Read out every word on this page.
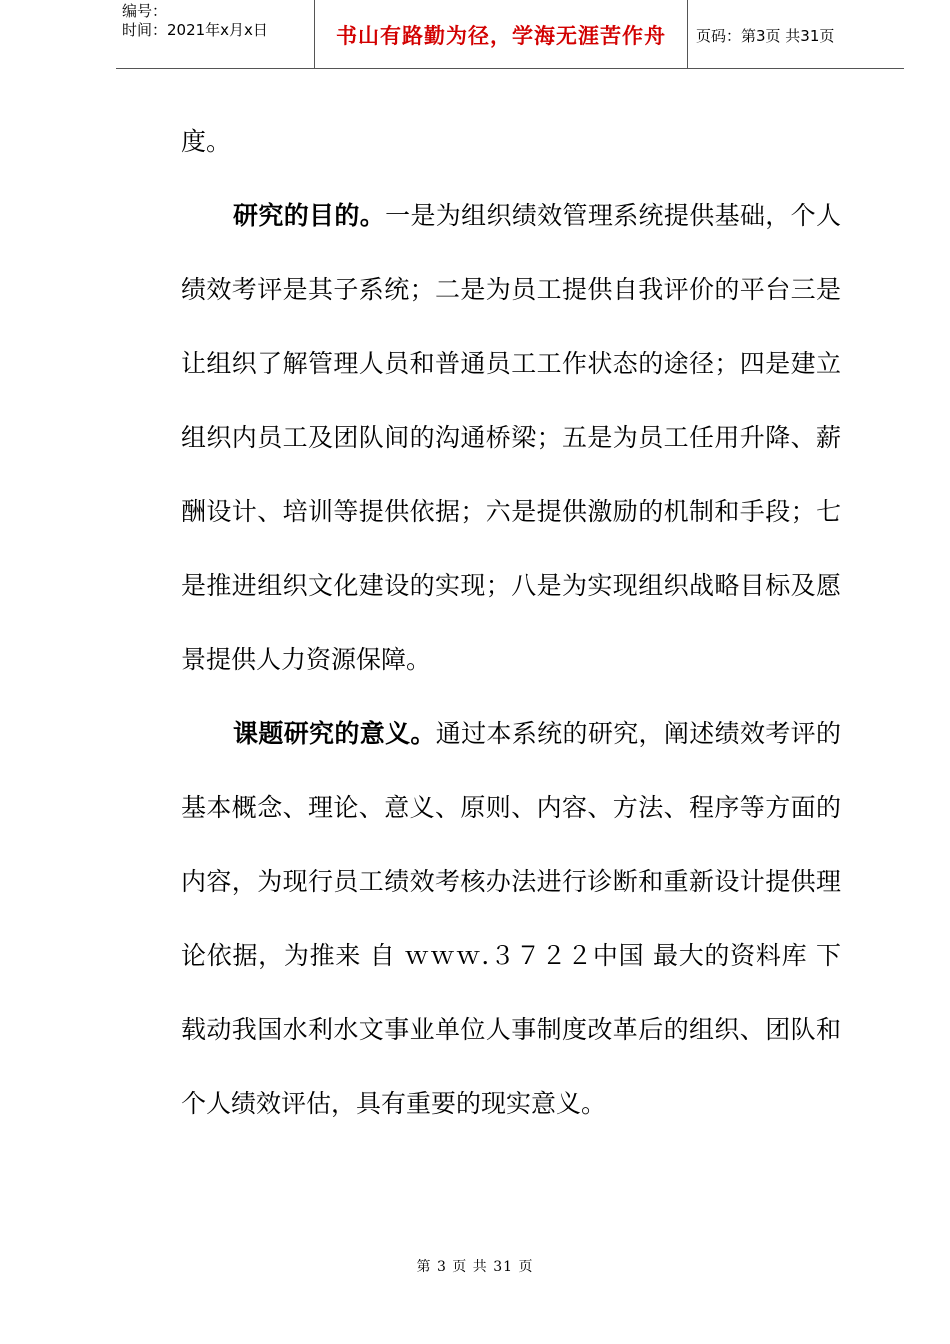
编号：
时间：2021年x月x日	书山有路勤为径，学海无涯苦作舟	页码：第3页 共31页

度。

研究的目的。一是为组织绩效管理系统提供基础，个人绩效考评是其子系统；二是为员工提供自我评价的平台三是让组织了解管理人员和普通员工工作状态的途径；四是建立组织内员工及团队间的沟通桥梁；五是为员工任用升降、薪酬设计、培训等提供依据；六是提供激励的机制和手段；七是推进组织文化建设的实现；八是为实现组织战略目标及愿景提供人力资源保障。

课题研究的意义。通过本系统的研究，阐述绩效考评的基本概念、理论、意义、原则、内容、方法、程序等方面的内容，为现行员工绩效考核办法进行诊断和重新设计提供理论依据，为推来 自 ｗｗｗ.３７２２中国 最大的资料库 下载动我国水利水文事业单位人事制度改革后的组织、团队和个人绩效评估，具有重要的现实意义。

第 3 页 共 31 页
